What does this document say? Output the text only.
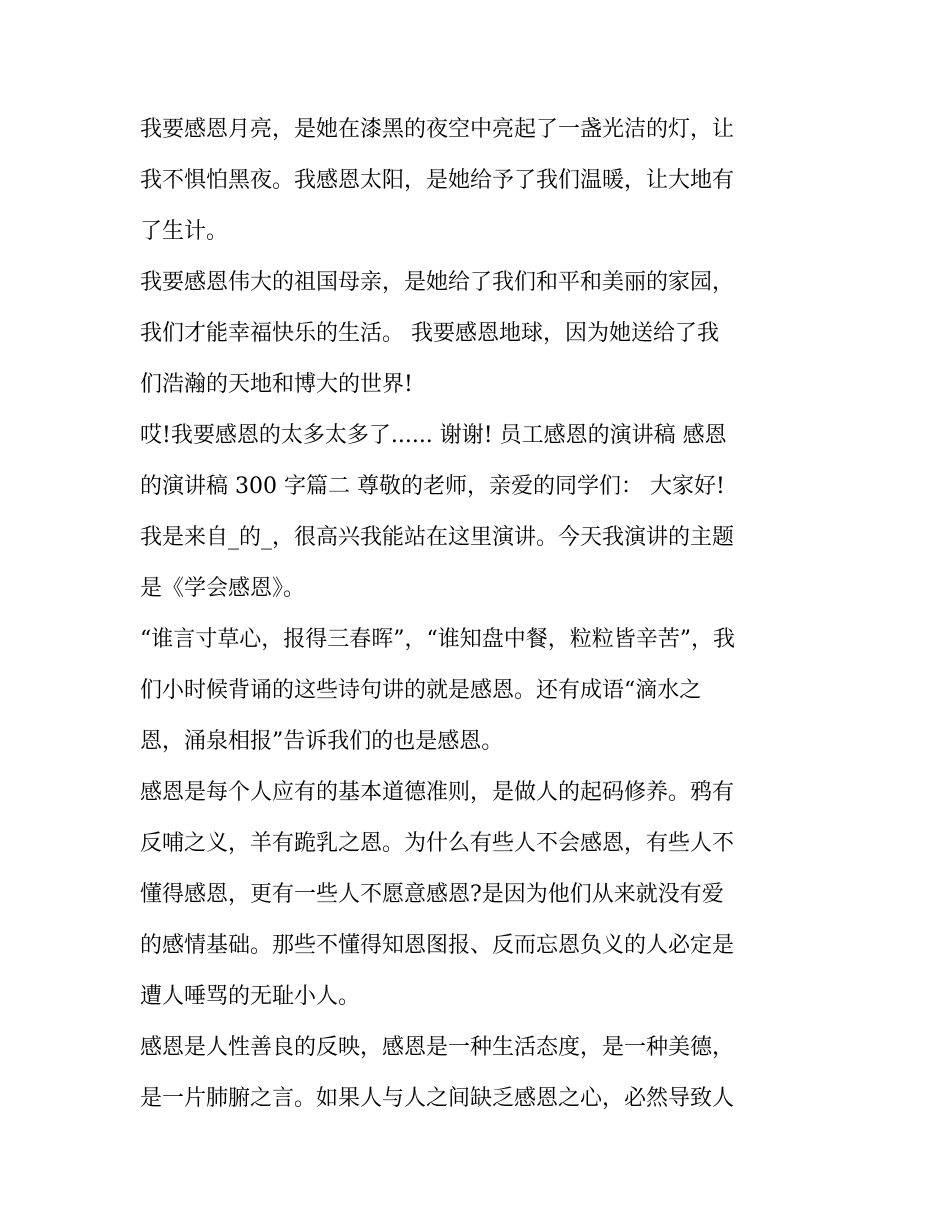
我要感恩月亮，是她在漆黑的夜空中亮起了一盏光洁的灯，让
我不惧怕黑夜。我感恩太阳，是她给予了我们温暖，让大地有
了生计。

我要感恩伟大的祖国母亲，是她给了我们和平和美丽的家园，
我们才能幸福快乐的生活。 我要感恩地球，因为她送给了我
们浩瀚的天地和博大的世界!

哎!我要感恩的太多太多了...... 谢谢! 员工感恩的演讲稿 感恩
的演讲稿 300 字篇二 尊敬的老师，亲爱的同学们： 大家好!
我是来自_的_，很高兴我能站在这里演讲。今天我演讲的主题
是《学会感恩》。

“谁言寸草心，报得三春晖”，“谁知盘中餐，粒粒皆辛苦”，我
们小时候背诵的这些诗句讲的就是感恩。还有成语“滴水之
恩，涌泉相报”告诉我们的也是感恩。

感恩是每个人应有的基本道德准则，是做人的起码修养。鸦有
反哺之义，羊有跪乳之恩。为什么有些人不会感恩，有些人不
懂得感恩，更有一些人不愿意感恩?是因为他们从来就没有爱
的感情基础。那些不懂得知恩图报、反而忘恩负义的人必定是
遭人唾骂的无耻小人。

感恩是人性善良的反映，感恩是一种生活态度，是一种美德，
是一片肺腑之言。如果人与人之间缺乏感恩之心，必然导致人
